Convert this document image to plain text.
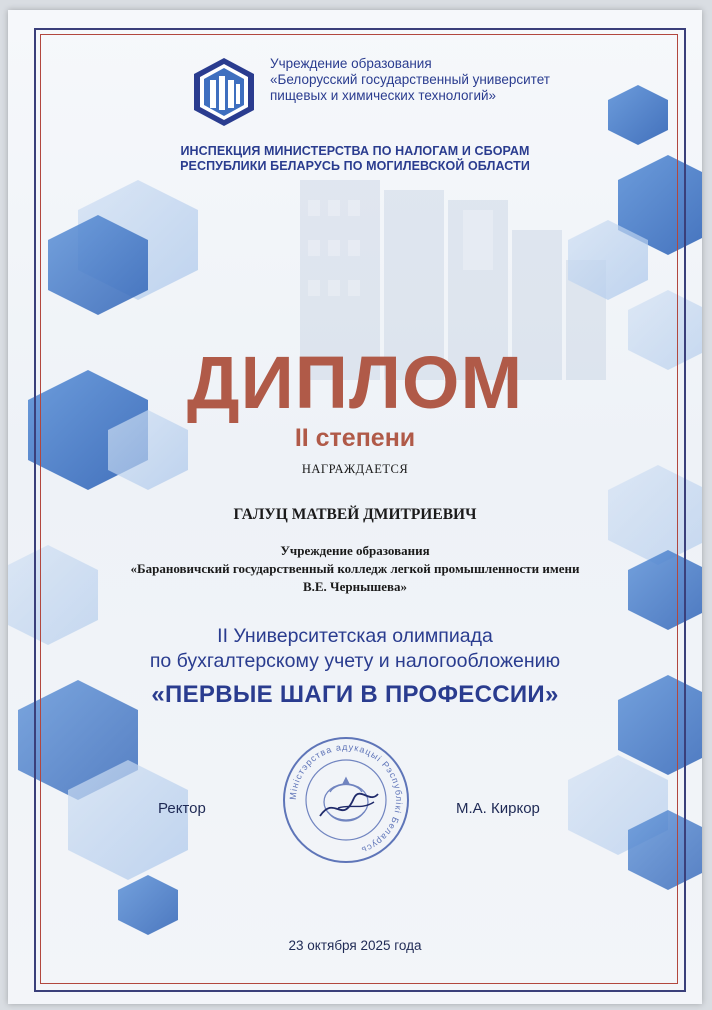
Учреждение образования
«Белорусский государственный университет
пищевых и химических технологий»
ИНСПЕКЦИЯ МИНИСТЕРСТВА ПО НАЛОГАМ И СБОРАМ
РЕСПУБЛИКИ БЕЛАРУСЬ ПО МОГИЛЕВСКОЙ ОБЛАСТИ
ДИПЛОМ
II степени
НАГРАЖДАЕТСЯ
ГАЛУЦ МАТВЕЙ ДМИТРИЕВИЧ
Учреждение образования
«Барановичский государственный колледж легкой промышленности имени
В.Е. Чернышева»
II Университетская олимпиада
по бухгалтерскому учету и налогообложению
«ПЕРВЫЕ ШАГИ В ПРОФЕССИИ»
Ректор
Міністэрства адукацыі Рэспублікі Беларусь
М.А. Киркор
23 октября 2025 года
